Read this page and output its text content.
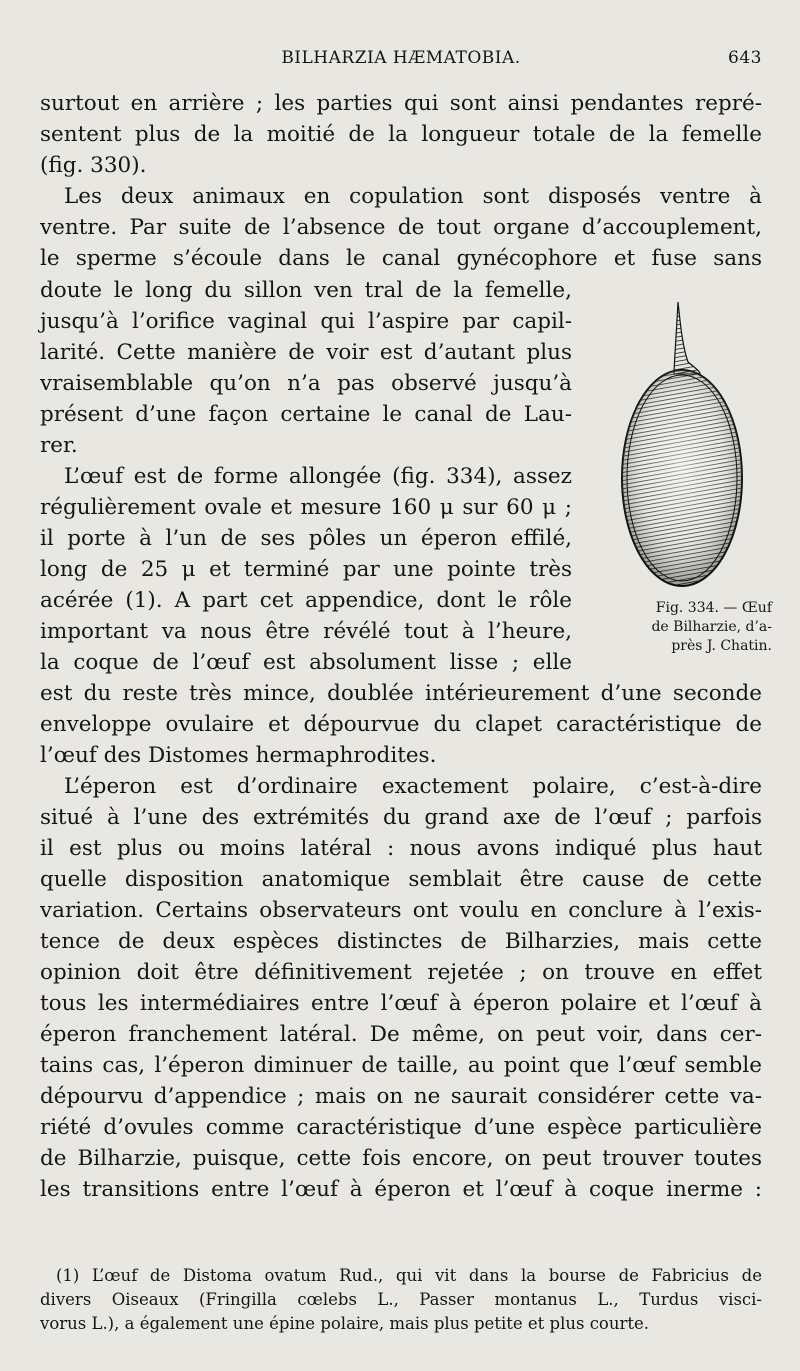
BILHARZIA HÆMATOBIA.	643
surtout en arrière ; les parties qui sont ainsi pendantes repré-
sentent plus de la moitié de la longueur totale de la femelle
(fig. 330).
Les deux animaux en copulation sont disposés ventre à
ventre. Par suite de l’absence de tout organe d’accouplement,
le sperme s’écoule dans le canal gynécophore et fuse sans
doute le long du sillon ven tral de la femelle,
jusqu’à l’orifice vaginal qui l’aspire par capil-
larité. Cette manière de voir est d’autant plus
vraisemblable qu’on n’a pas observé jusqu’à
présent d’une façon certaine le canal de Lau-
rer.
L’œuf est de forme allongée (fig. 334), assez
régulièrement ovale et mesure 160 μ sur 60 μ ;
il porte à l’un de ses pôles un éperon effilé,
long de 25 μ et terminé par une pointe très
acérée (1). A part cet appendice, dont le rôle
important va nous être révélé tout à l’heure,
la coque de l’œuf est absolument lisse ; elle
est du reste très mince, doublée intérieurement d’une seconde
enveloppe ovulaire et dépourvue du clapet caractéristique de
l’œuf des Distomes hermaphrodites.
L’éperon est d’ordinaire exactement polaire, c’est-à-dire
situé à l’une des extrémités du grand axe de l’œuf ; parfois
il est plus ou moins latéral : nous avons indiqué plus haut
quelle disposition anatomique semblait être cause de cette
variation. Certains observateurs ont voulu en conclure à l’exis-
tence de deux espèces distinctes de Bilharzies, mais cette
opinion doit être définitivement rejetée ; on trouve en effet
tous les intermédiaires entre l’œuf à éperon polaire et l’œuf à
éperon franchement latéral. De même, on peut voir, dans cer-
tains cas, l’éperon diminuer de taille, au point que l’œuf semble
dépourvu d’appendice ; mais on ne saurait considérer cette va-
riété d’ovules comme caractéristique d’une espèce particulière
de Bilharzie, puisque, cette fois encore, on peut trouver toutes
les transitions entre l’œuf à éperon et l’œuf à coque inerme :
Fig. 334. — Œuf
de Bilharzie, d’a-
près J. Chatin.
(1) L’œuf de Distoma ovatum Rud., qui vit dans la bourse de Fabricius de
divers Oiseaux (Fringilla cœlebs L., Passer montanus L., Turdus visci-
vorus L.), a également une épine polaire, mais plus petite et plus courte.
